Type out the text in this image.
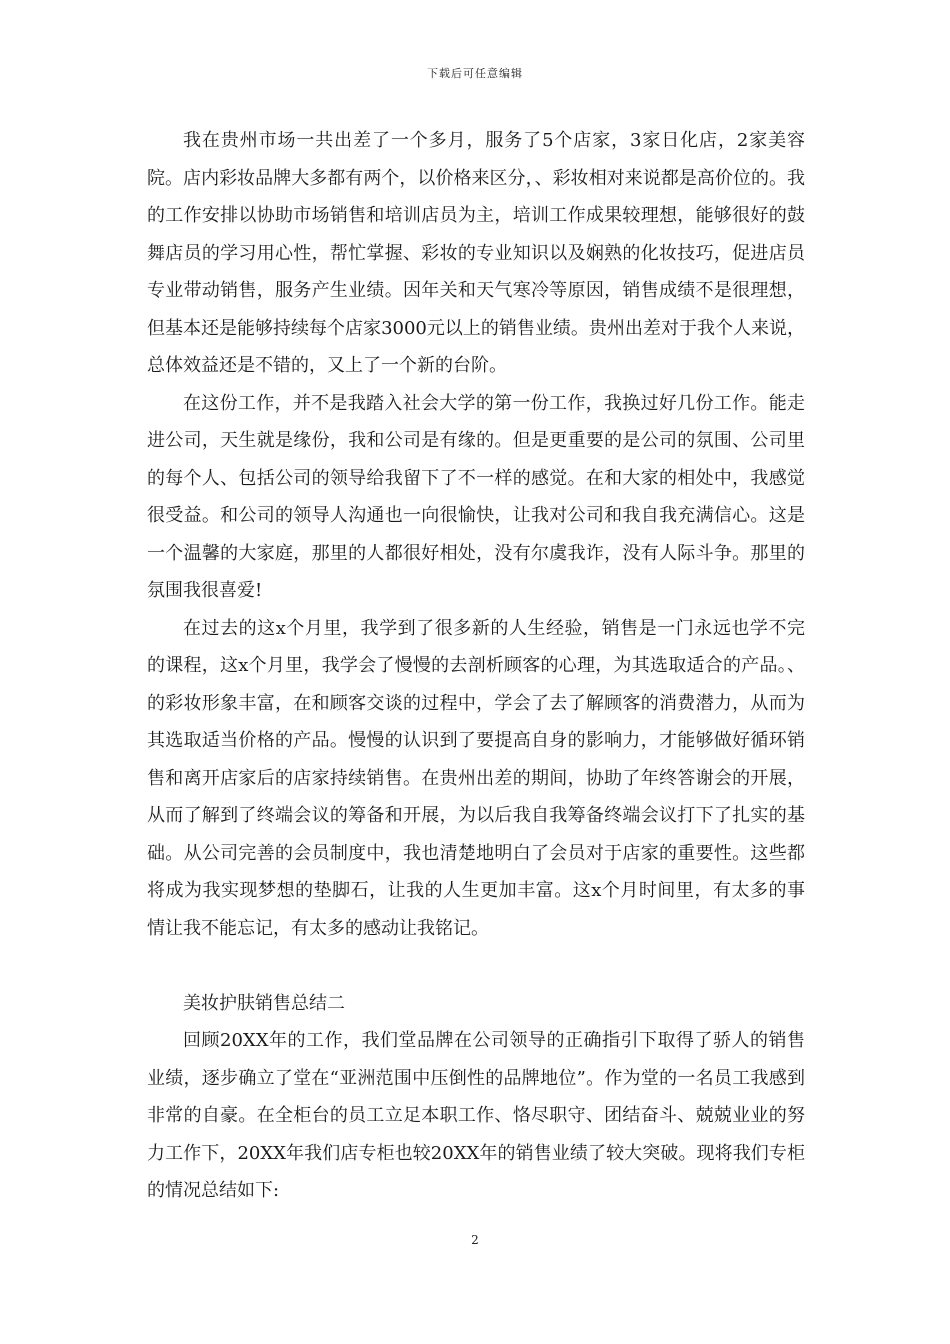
下载后可任意编辑

我在贵州市场一共出差了一个多月，服务了5个店家，3家日化店，2家美容院。店内彩妆品牌大多都有两个，以价格来区分，、彩妆相对来说都是高价位的。我的工作安排以协助市场销售和培训店员为主，培训工作成果较理想，能够很好的鼓舞店员的学习用心性，帮忙掌握、彩妆的专业知识以及娴熟的化妆技巧，促进店员专业带动销售，服务产生业绩。因年关和天气寒冷等原因，销售成绩不是很理想，但基本还是能够持续每个店家3000元以上的销售业绩。贵州出差对于我个人来说，总体效益还是不错的，又上了一个新的台阶。

在这份工作，并不是我踏入社会大学的第一份工作，我换过好几份工作。能走进公司，天生就是缘份，我和公司是有缘的。但是更重要的是公司的氛围、公司里的每个人、包括公司的领导给我留下了不一样的感觉。在和大家的相处中，我感觉很受益。和公司的领导人沟通也一向很愉快，让我对公司和我自我充满信心。这是一个温馨的大家庭，那里的人都很好相处，没有尔虞我诈，没有人际斗争。那里的氛围我很喜爱!

在过去的这x个月里，我学到了很多新的人生经验，销售是一门永远也学不完的课程，这x个月里，我学会了慢慢的去剖析顾客的心理，为其选取适合的产品。、的彩妆形象丰富，在和顾客交谈的过程中，学会了去了解顾客的消费潜力，从而为其选取适当价格的产品。慢慢的认识到了要提高自身的影响力，才能够做好循环销售和离开店家后的店家持续销售。在贵州出差的期间，协助了年终答谢会的开展，从而了解到了终端会议的筹备和开展，为以后我自我筹备终端会议打下了扎实的基础。从公司完善的会员制度中，我也清楚地明白了会员对于店家的重要性。这些都将成为我实现梦想的垫脚石，让我的人生更加丰富。这x个月时间里，有太多的事情让我不能忘记，有太多的感动让我铭记。

美妆护肤销售总结二

回顾20XX年的工作，我们堂品牌在公司领导的正确指引下取得了骄人的销售业绩，逐步确立了堂在“亚洲范围中压倒性的品牌地位”。作为堂的一名员工我感到非常的自豪。在全柜台的员工立足本职工作、恪尽职守、团结奋斗、兢兢业业的努力工作下，20XX年我们店专柜也较20XX年的销售业绩了较大突破。现将我们专柜的情况总结如下:

2
